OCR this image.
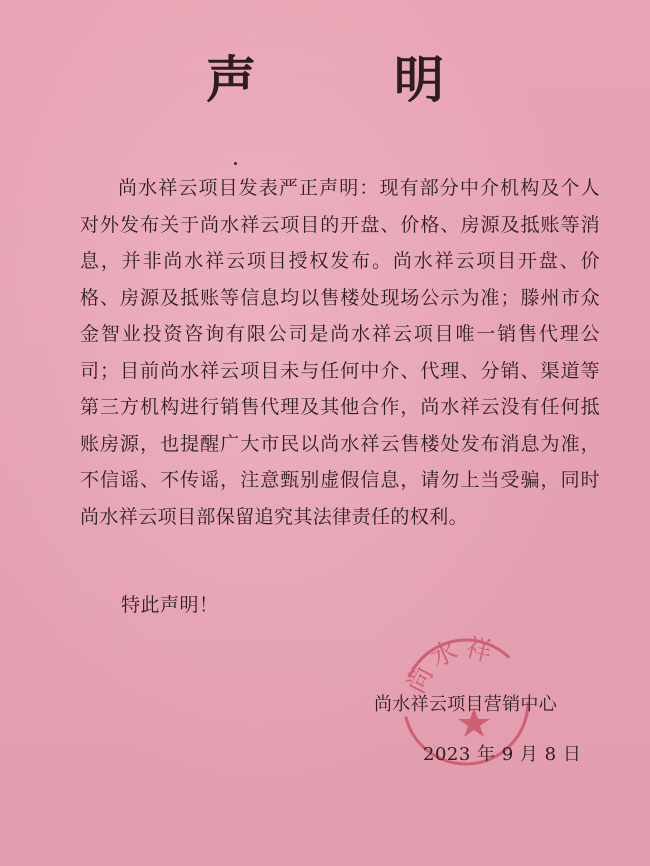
声　明

尚水祥云项目发表严正声明：现有部分中介机构及个人对外发布关于尚水祥云项目的开盘、价格、房源及抵账等消息，并非尚水祥云项目授权发布。尚水祥云项目开盘、价格、房源及抵账等信息均以售楼处现场公示为准；滕州市众金智业投资咨询有限公司是尚水祥云项目唯一销售代理公司；目前尚水祥云项目未与任何中介、代理、分销、渠道等第三方机构进行销售代理及其他合作，尚水祥云没有任何抵账房源，也提醒广大市民以尚水祥云售楼处发布消息为准，不信谣、不传谣，注意甄别虚假信息，请勿上当受骗，同时尚水祥云项目部保留追究其法律责任的权利。

特此声明！
尚水祥
尚水祥云项目营销中心
2023 年 9 月 8 日
